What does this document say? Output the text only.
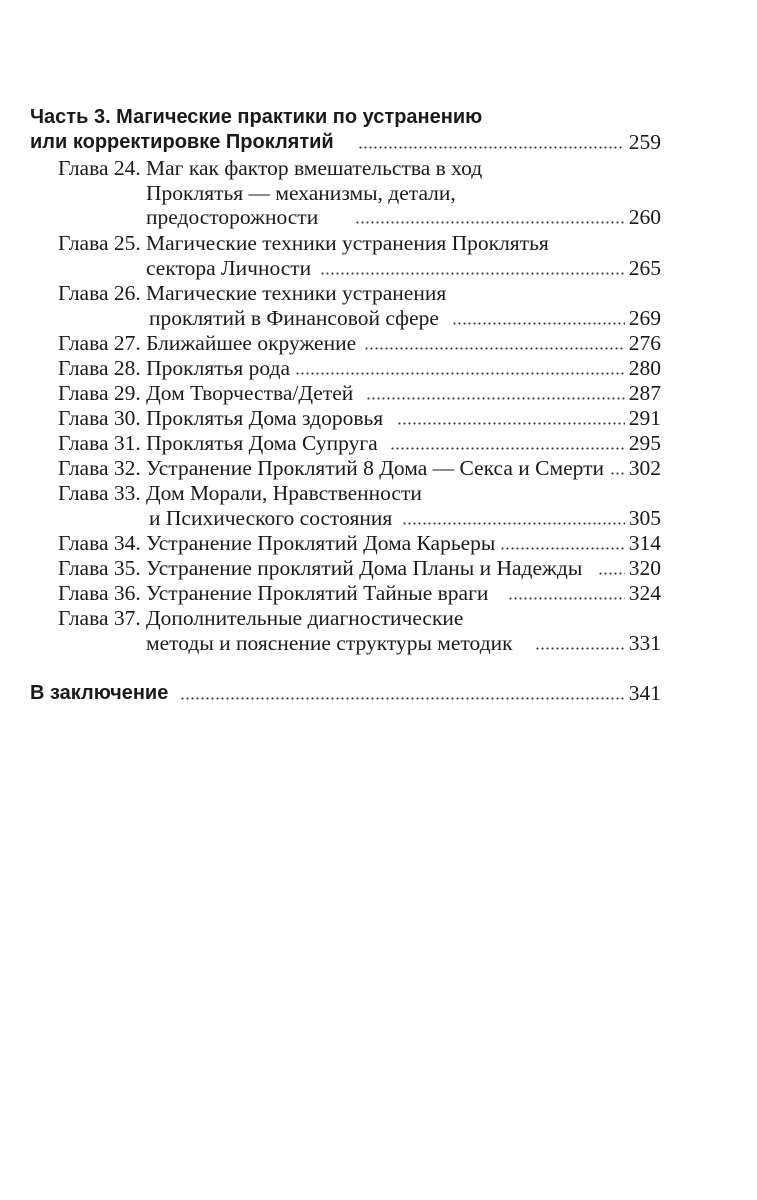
Часть 3. Магические практики по устранению
или корректировке Проклятий	259
Глава 24. Маг как фактор вмешательства в ход
Проклятья — механизмы, детали,
предосторожности	260
Глава 25. Магические техники устранения Проклятья
сектора Личности	265
Глава 26. Магические техники устранения
проклятий в Финансовой сфере	269
Глава 27. Ближайшее окружение	276
Глава 28. Проклятья рода	280
Глава 29. Дом Творчества/Детей	287
Глава 30. Проклятья Дома здоровья	291
Глава 31. Проклятья Дома Супруга	295
Глава 32. Устранение Проклятий 8 Дома — Секса и Смерти	302
Глава 33. Дом Морали, Нравственности
и Психического состояния	305
Глава 34. Устранение Проклятий Дома Карьеры	314
Глава 35. Устранение проклятий Дома Планы и Надежды	320
Глава 36. Устранение Проклятий Тайные враги	324
Глава 37. Дополнительные диагностические
методы и пояснение структуры методик	331
В заключение	341
